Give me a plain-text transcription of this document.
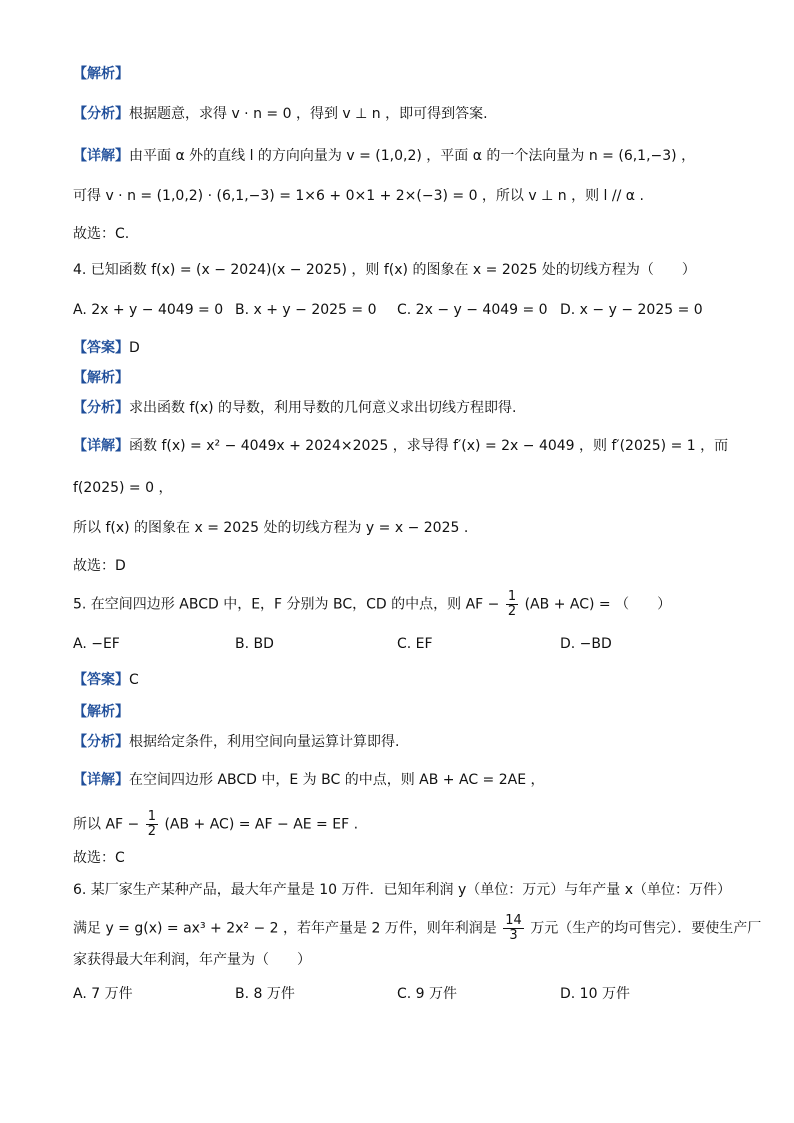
【解析】
【分析】根据题意，求得 v · n = 0 ，得到 v ⊥ n ，即可得到答案.
【详解】由平面 α 外的直线 l 的方向向量为 v = (1,0,2) ，平面 α 的一个法向量为 n = (6,1,−3) ，
可得 v · n = (1,0,2) · (6,1,−3) = 1×6 + 0×1 + 2×(−3) = 0 ，所以 v ⊥ n ，则 l // α .
故选：C.
4. 已知函数 f(x) = (x − 2024)(x − 2025) ，则 f(x) 的图象在 x = 2025 处的切线方程为（　　）
A. 2x + y − 4049 = 0 B. x + y − 2025 = 0 C. 2x − y − 4049 = 0 D. x − y − 2025 = 0
【答案】D
【解析】
【分析】求出函数 f(x) 的导数，利用导数的几何意义求出切线方程即得.
【详解】函数 f(x) = x² − 4049x + 2024×2025 ，求导得 f′(x) = 2x − 4049 ，则 f′(2025) = 1 ，而
f(2025) = 0 ，
所以 f(x) 的图象在 x = 2025 处的切线方程为 y = x − 2025 .
故选：D
5. 在空间四边形 ABCD 中，E，F 分别为 BC，CD 的中点，则 AF − $\frac{1}{2} (AB + AC)$ = （　　）
A. −EF	B. BD	C. EF	D. −BD
【答案】C
【解析】
【分析】根据给定条件，利用空间向量运算计算即得.
【详解】在空间四边形 ABCD 中，E 为 BC 的中点，则 AB + AC = 2AE ，
所以 AF − $\frac{1}{2} (AB + AC)$ = AF − AE = EF .
故选：C
6. 某厂家生产某种产品，最大年产量是 10 万件．已知年利润 y（单位：万元）与年产量 x（单位：万件）
满足 y = g(x) = ax³ + 2x² − 2 ，若年产量是 2 万件，则年利润是 $\frac{14}{3}$ 万元（生产的均可售完）．要使生产厂
家获得最大年利润，年产量为（　　）
A. 7 万件	B. 8 万件	C. 9 万件	D. 10 万件
